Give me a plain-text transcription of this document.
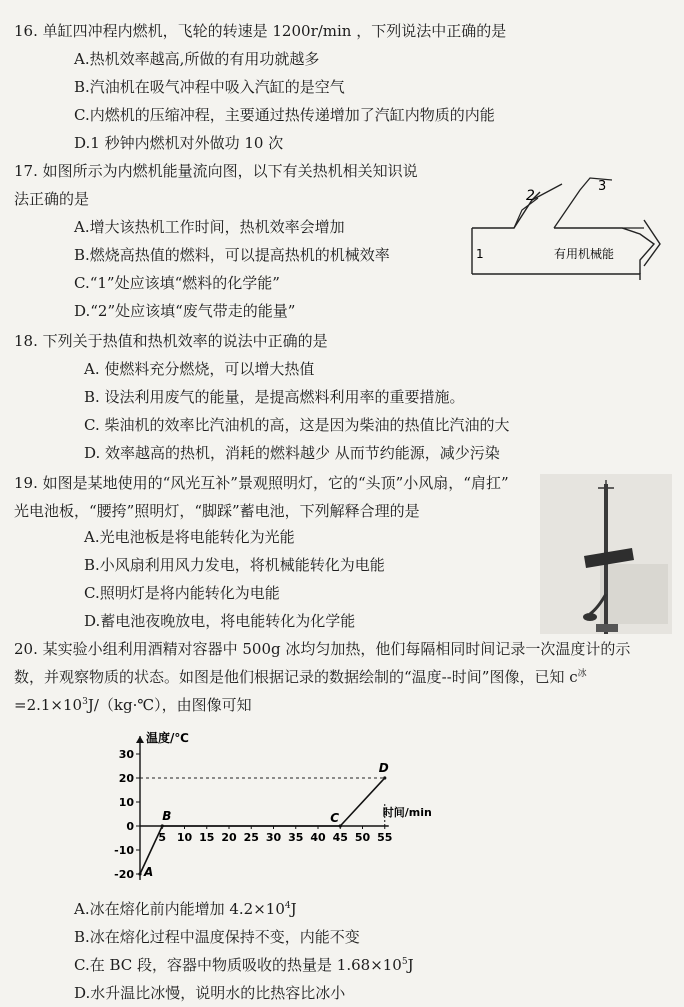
16. 单缸四冲程内燃机，飞轮的转速是 1200r/min ，下列说法中正确的是
A.热机效率越高,所做的有用功就越多
B.汽油机在吸气冲程中吸入汽缸的是空气
C.内燃机的压缩冲程，主要通过热传递增加了汽缸内物质的内能
D.1 秒钟内燃机对外做功 10 次
17. 如图所示为内燃机能量流向图，以下有关热机相关知识说
法正确的是
A.增大该热机工作时间，热机效率会增加
B.燃烧高热值的燃料，可以提高热机的机械效率
C.“1”处应该填“燃料的化学能”
D.“2”处应该填“废气带走的能量”
1
2
3
有用机械能
18. 下列关于热值和热机效率的说法中正确的是
A. 使燃料充分燃烧，可以增大热值
B. 设法利用废气的能量，是提高燃料利用率的重要措施。
C. 柴油机的效率比汽油机的高，这是因为柴油的热值比汽油的大
D. 效率越高的热机，消耗的燃料越少 从而节约能源，减少污染
19. 如图是某地使用的“风光互补”景观照明灯，它的“头顶”小风扇，“肩扛”
光电池板，“腰挎”照明灯，“脚踩”蓄电池，下列解释合理的是
A.光电池板是将电能转化为光能
B.小风扇利用风力发电，将机械能转化为电能
C.照明灯是将内能转化为电能
D.蓄电池夜晚放电，将电能转化为化学能
20. 某实验小组利用酒精对容器中 500g 冰均匀加热，他们每隔相同时间记录一次温度计的示
数，并观察物质的状态。如图是他们根据记录的数据绘制的“温度--时间”图像，已知 $c^冰$
$=2.1\times 10^3J/(kg\cdot℃)$，由图像可知
温度/℃
时间/min
30
20
10
0
-10
-20
5 10 15 20 25 30 35 40 45 50 55
A
B	C
D
A.冰在熔化前内能增加 $4.2\times 10^4J$
B.冰在熔化过程中温度保持不变，内能不变
C.在 BC 段，容器中物质吸收的热量是 $1.68\times 10^5J$
D.水升温比冰慢，说明水的比热容比冰小
